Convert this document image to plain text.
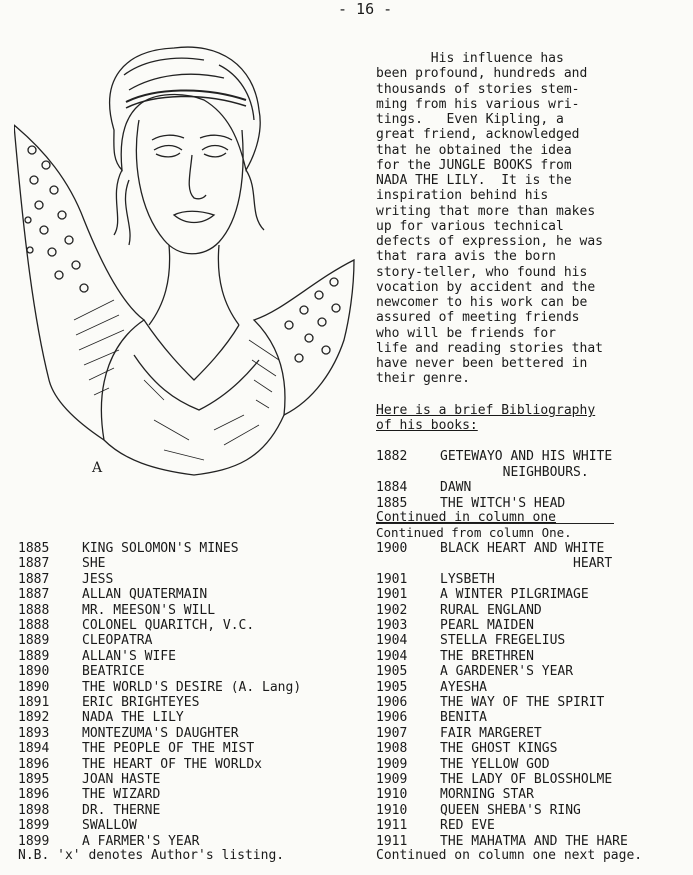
- 16 -
A
His influence has
been profound, hundreds and
thousands of stories stem-
ming from his various wri-
tings.   Even Kipling, a
great friend, acknowledged
that he obtained the idea
for the JUNGLE BOOKS from
NADA THE LILY.  It is the
inspiration behind his
writing that more than makes
up for various technical
defects of expression, he was
that rara avis the born
story-teller, who found his
vocation by accident and the
newcomer to his work can be
assured of meeting friends
who will be friends for
life and reading stories that
have never been bettered in
their genre.
Here is a brief Bibliography
of his books:
1882	GETEWAYO AND HIS WHITE
NEIGHBOURS.
1884	DAWN
1885	THE WITCH'S HEAD
Continued in column one
Continued from column One.
1885	KING SOLOMON'S MINES
1887	SHE
1887	JESS
1887	ALLAN QUATERMAIN
1888	MR. MEESON'S WILL
1888	COLONEL QUARITCH, V.C.
1889	CLEOPATRA
1889	ALLAN'S WIFE
1890	BEATRICE
1890	THE WORLD'S DESIRE (A. Lang)
1891	ERIC BRIGHTEYES
1892	NADA THE LILY
1893	MONTEZUMA'S DAUGHTER
1894	THE PEOPLE OF THE MIST
1896	THE HEART OF THE WORLDx
1895	JOAN HASTE
1896	THE WIZARD
1898	DR. THERNE
1899	SWALLOW
1899	A FARMER'S YEAR
1900	BLACK HEART AND WHITE
HEART
1901	LYSBETH
1901	A WINTER PILGRIMAGE
1902	RURAL ENGLAND
1903	PEARL MAIDEN
1904	STELLA FREGELIUS
1904	THE BRETHREN
1905	A GARDENER'S YEAR
1905	AYESHA
1906	THE WAY OF THE SPIRIT
1906	BENITA
1907	FAIR MARGERET
1908	THE GHOST KINGS
1909	THE YELLOW GOD
1909	THE LADY OF BLOSSHOLME
1910	MORNING STAR
1910	QUEEN SHEBA'S RING
1911	RED EVE
1911	THE MAHATMA AND THE HARE
N.B. 'x' denotes Author's listing.	Continued on column one next page.
